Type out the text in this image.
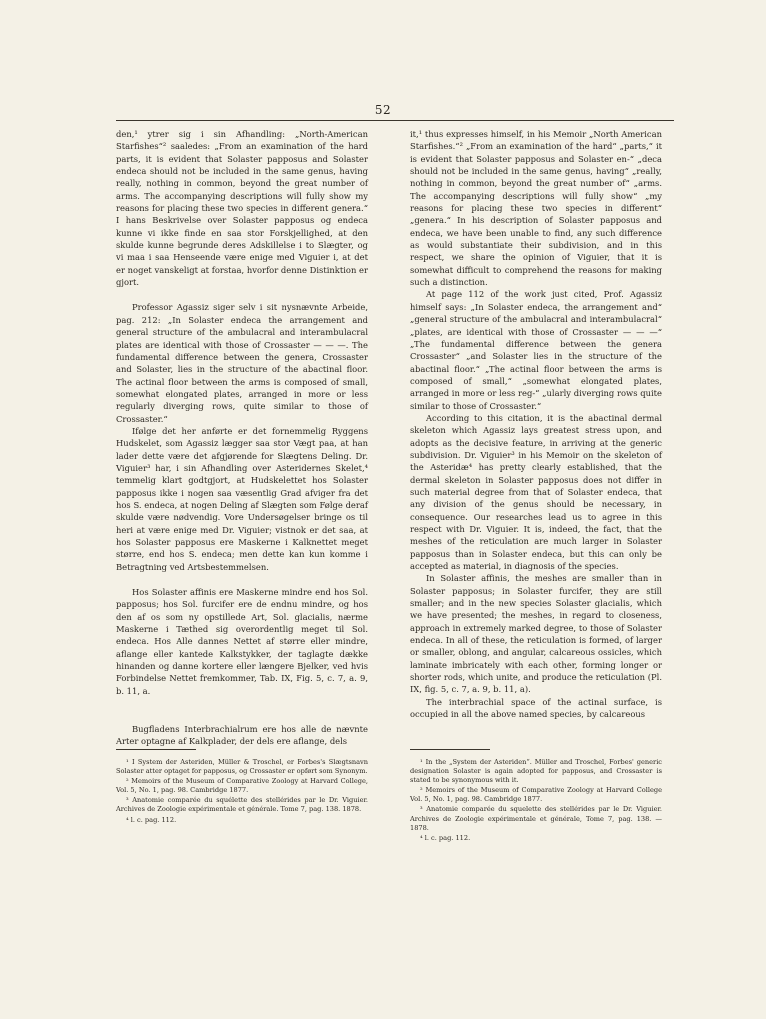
52

den,¹ ytrer sig i sin Afhandling: „North-American Starfishes“² saaledes: „From an examination of the hard parts, it is evident that Solaster papposus and Solaster endeca should not be included in the same genus, having really, nothing in common, beyond the great number of arms. The accompanying descriptions will fully show my reasons for placing these two species in different genera.“ I hans Beskrivelse over Solaster papposus og endeca kunne vi ikke finde en saa stor Forskjellighed, at den skulde kunne begrunde deres Adskillelse i to Slægter, og vi maa i saa Henseende være enige med Viguier i, at det er noget vanskeligt at forstaa, hvorfor denne Distinktion er gjort.

Professor Agassiz siger selv i sit nysnævnte Arbeide, pag. 212: „In Solaster endeca the arrangement and general structure of the ambulacral and interambulacral plates are identical with those of Crossaster — — —. The fundamental difference between the genera, Crossaster and Solaster, lies in the structure of the abactinal floor. The actinal floor between the arms is composed of small, somewhat elongated plates, arranged in more or less regularly diverging rows, quite similar to those of Crossaster.“

Ifølge det her anførte er det fornemmelig Ryggens Hudskelet, som Agassiz lægger saa stor Vægt paa, at han lader dette være det afgjørende for Slægtens Deling. Dr. Viguier³ har, i sin Afhandling over Asteridernes Skelet,⁴ temmelig klart godtgjort, at Hudskelettet hos Solaster papposus ikke i nogen saa væsentlig Grad afviger fra det hos S. endeca, at nogen Deling af Slægten som Følge deraf skulde være nødvendig. Vore Undersøgelser bringe os til heri at være enige med Dr. Viguier; vistnok er det saa, at hos Solaster papposus ere Maskerne i Kalknettet meget større, end hos S. endeca; men dette kan kun komme i Betragtning ved Artsbestemmelsen.

Hos Solaster affinis ere Maskerne mindre end hos Sol. papposus; hos Sol. furcifer ere de endnu mindre, og hos den af os som ny opstillede Art, Sol. glacialis, nærme Maskerne i Tæthed sig overordentlig meget til Sol. endeca. Hos Alle dannes Nettet af større eller mindre, aflange eller kantede Kalkstykker, der taglagte dække hinanden og danne kortere eller længere Bjelker, ved hvis Forbindelse Nettet fremkommer, Tab. IX, Fig. 5, c. 7, a. 9, b. 11, a.

Bugfladens Interbrachialrum ere hos alle de nævnte Arter optagne af Kalkplader, der dels ere aflange, dels

it,¹ thus expresses himself, in his Memoir „North American Starfishes.“² „From an examination of the hard“ „parts,“ it is evident that Solaster papposus and Solaster en-“ „deca should not be included in the same genus, having“ „really, nothing in common, beyond the great number of“ „arms. The accompanying descriptions will fully show“ „my reasons for placing these two species in different“ „genera.“ In his description of Solaster papposus and endeca, we have been unable to find, any such difference as would substantiate their subdivision, and in this respect, we share the opinion of Viguier, that it is somewhat difficult to comprehend the reasons for making such a distinction.

At page 112 of the work just cited, Prof. Agassiz himself says: „In Solaster endeca, the arrangement and“ „general structure of the ambulacral and interambulacral“ „plates, are identical with those of Crossaster — — —“ „The fundamental difference between the genera Crossaster“ „and Solaster lies in the structure of the abactinal floor.“ „The actinal floor between the arms is composed of small,“ „somewhat elongated plates, arranged in more or less reg-“ „ularly diverging rows quite similar to those of Crossaster.“

According to this citation, it is the abactinal dermal skeleton which Agassiz lays greatest stress upon, and adopts as the decisive feature, in arriving at the generic subdivision. Dr. Viguier³ in his Memoir on the skeleton of the Asteridæ⁴ has pretty clearly established, that the dermal skeleton in Solaster papposus does not differ in such material degree from that of Solaster endeca, that any division of the genus should be necessary, in consequence. Our researches lead us to agree in this respect with Dr. Viguier. It is, indeed, the fact, that the meshes of the reticulation are much larger in Solaster papposus than in Solaster endeca, but this can only be accepted as material, in diagnosis of the species.

In Solaster affinis, the meshes are smaller than in Solaster papposus; in Solaster furcifer, they are still smaller; and in the new species Solaster glacialis, which we have presented; the meshes, in regard to closeness, approach in extremely marked degree, to those of Solaster endeca. In all of these, the reticulation is formed, of larger or smaller, oblong, and angular, calcareous ossicles, which laminate imbricately with each other, forming longer or shorter rods, which unite, and produce the reticulation (Pl. IX, fig. 5, c. 7, a. 9, b. 11, a).

The interbrachial space of the actinal surface, is occupied in all the above named species, by calcareous

¹ I System der Asteriden, Müller & Troschel, er Forbes's Slægtsnavn Solaster atter optaget for papposus, og Crossaster er opført som Synonym.

² Memoirs of the Museum of Comparative Zoology at Harvard College, Vol. 5, No. 1, pag. 98. Cambridge 1877.

³ Anatomie comparée du squélette des stellérides par le Dr. Viguier. Archives de Zoologie expérimentale et générale. Tome 7, pag. 138. 1878.

⁴ l. c. pag. 112.

¹ In the „System der Asteriden“. Müller and Troschel, Forbes' generic designation Solaster is again adopted for papposus, and Crossaster is stated to be synonymous with it.

² Memoirs of the Museum of Comparative Zoology at Harvard College Vol. 5, No. 1, pag. 98. Cambridge 1877.

³ Anatomie comparée du squelette des stellérides par le Dr. Viguier. Archives de Zoologie expérimentale et générale, Tome 7, pag. 138. — 1878.

⁴ l. c. pag. 112.
